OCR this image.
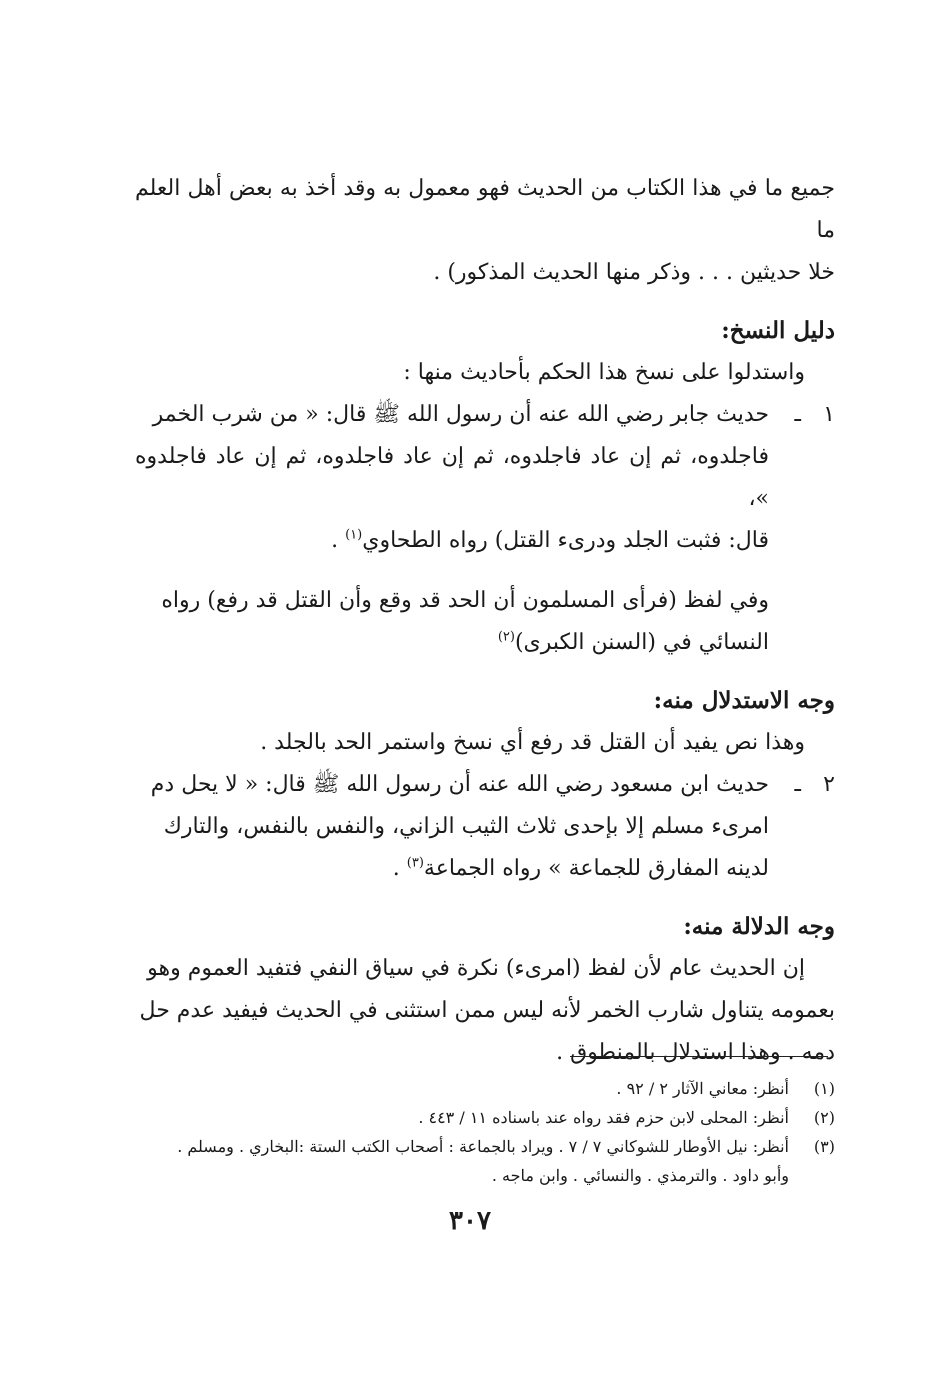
جميع ما في هذا الكتاب من الحديث فهو معمول به وقد أخذ به بعض أهل العلم ما

خلا حديثين . . . وذكر منها الحديث المذكور) .

دليل النسخ:

واستدلوا على نسخ هذا الحكم بأحاديث منها :

١
ـ
حديث جابر رضي الله عنه أن رسول الله ﷺ قال: « من شرب الخمر
فاجلدوه، ثم إن عاد فاجلدوه، ثم إن عاد فاجلدوه، ثم إن عاد فاجلدوه »،
قال: فثبت الجلد ودرىء القتل) رواه الطحاوي$^{(١)}$ .

وفي لفظ (فرأى المسلمون أن الحد قد وقع وأن القتل قد رفع) رواه
النسائي في (السنن الكبرى)$^{(٢)}$

وجه الاستدلال منه:

وهذا نص يفيد أن القتل قد رفع أي نسخ واستمر الحد بالجلد .

٢
ـ
حديث ابن مسعود رضي الله عنه أن رسول الله ﷺ قال: « لا يحل دم
امرىء مسلم إلا بإحدى ثلاث الثيب الزاني، والنفس بالنفس، والتارك
لدينه المفارق للجماعة » رواه الجماعة$^{(٣)}$ .

وجه الدلالة منه:

إن الحديث عام لأن لفظ (امرىء) نكرة في سياق النفي فتفيد العموم وهو

بعمومه يتناول شارب الخمر لأنه ليس ممن استثنى في الحديث فيفيد عدم حل

دمه . وهذا استدلال بالمنطوق .

(١)
أنظر: معاني الآثار ٢ / ٩٢ .
(٢)
أنظر: المحلى لابن حزم فقد رواه عند باسناده ١١ / ٤٤٣ .
(٣)
أنظر: نيل الأوطار للشوكاني ٧ / ٧ . ويراد بالجماعة : أصحاب الكتب الستة :البخاري . ومسلم .
وأبو داود . والترمذي . والنسائي . وابن ماجه .
٣٠٧
